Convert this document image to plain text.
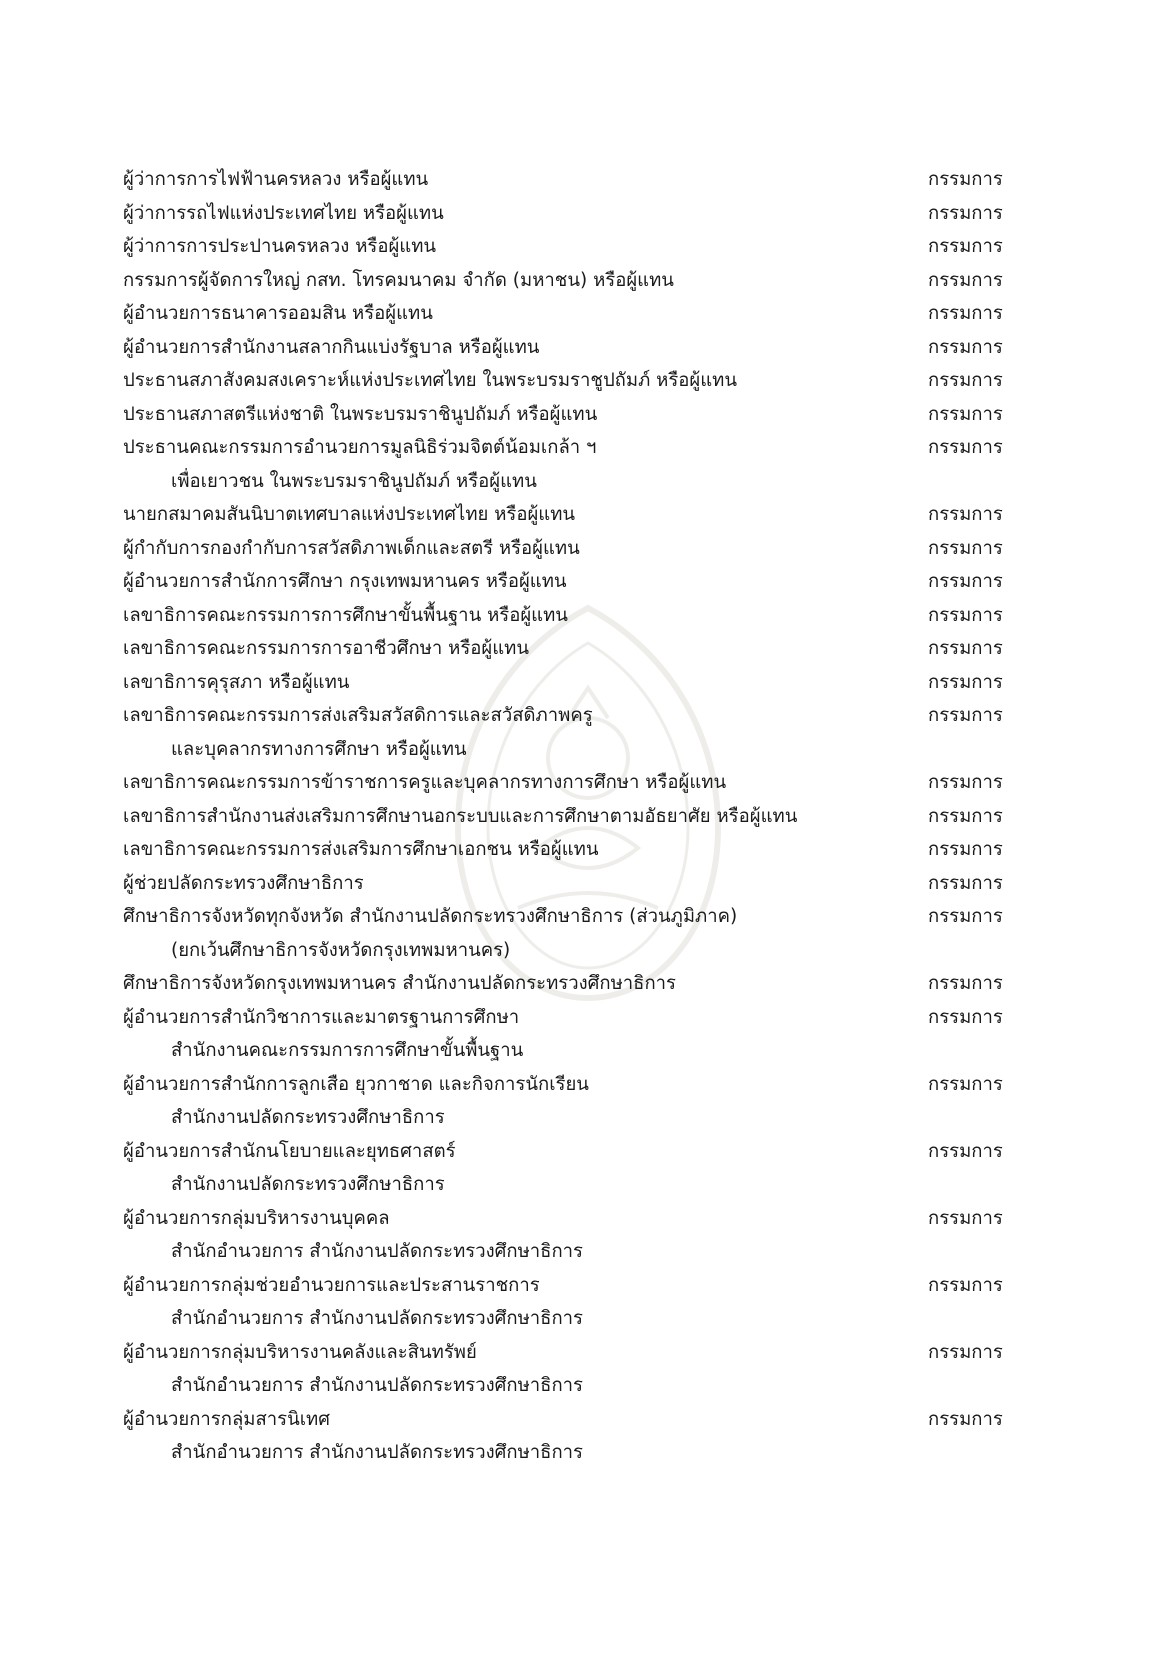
ผู้ว่าการการไฟฟ้านครหลวง หรือผู้แทน	กรรมการ
ผู้ว่าการรถไฟแห่งประเทศไทย หรือผู้แทน	กรรมการ
ผู้ว่าการการประปานครหลวง หรือผู้แทน	กรรมการ
กรรมการผู้จัดการใหญ่ กสท. โทรคมนาคม จำกัด (มหาชน) หรือผู้แทน	กรรมการ
ผู้อำนวยการธนาคารออมสิน หรือผู้แทน	กรรมการ
ผู้อำนวยการสำนักงานสลากกินแบ่งรัฐบาล หรือผู้แทน	กรรมการ
ประธานสภาสังคมสงเคราะห์แห่งประเทศไทย ในพระบรมราชูปถัมภ์ หรือผู้แทน	กรรมการ
ประธานสภาสตรีแห่งชาติ ในพระบรมราชินูปถัมภ์ หรือผู้แทน	กรรมการ
ประธานคณะกรรมการอำนวยการมูลนิธิร่วมจิตต์น้อมเกล้า ฯ	กรรมการ
เพื่อเยาวชน ในพระบรมราชินูปถัมภ์ หรือผู้แทน
นายกสมาคมสันนิบาตเทศบาลแห่งประเทศไทย หรือผู้แทน	กรรมการ
ผู้กำกับการกองกำกับการสวัสดิภาพเด็กและสตรี หรือผู้แทน	กรรมการ
ผู้อำนวยการสำนักการศึกษา กรุงเทพมหานคร หรือผู้แทน	กรรมการ
เลขาธิการคณะกรรมการการศึกษาขั้นพื้นฐาน หรือผู้แทน	กรรมการ
เลขาธิการคณะกรรมการการอาชีวศึกษา หรือผู้แทน	กรรมการ
เลขาธิการคุรุสภา หรือผู้แทน	กรรมการ
เลขาธิการคณะกรรมการส่งเสริมสวัสดิการและสวัสดิภาพครู	กรรมการ
และบุคลากรทางการศึกษา หรือผู้แทน
เลขาธิการคณะกรรมการข้าราชการครูและบุคลากรทางการศึกษา หรือผู้แทน	กรรมการ
เลขาธิการสำนักงานส่งเสริมการศึกษานอกระบบและการศึกษาตามอัธยาศัย หรือผู้แทน	กรรมการ
เลขาธิการคณะกรรมการส่งเสริมการศึกษาเอกชน หรือผู้แทน	กรรมการ
ผู้ช่วยปลัดกระทรวงศึกษาธิการ	กรรมการ
ศึกษาธิการจังหวัดทุกจังหวัด สำนักงานปลัดกระทรวงศึกษาธิการ (ส่วนภูมิภาค)	กรรมการ
(ยกเว้นศึกษาธิการจังหวัดกรุงเทพมหานคร)
ศึกษาธิการจังหวัดกรุงเทพมหานคร สำนักงานปลัดกระทรวงศึกษาธิการ	กรรมการ
ผู้อำนวยการสำนักวิชาการและมาตรฐานการศึกษา	กรรมการ
สำนักงานคณะกรรมการการศึกษาขั้นพื้นฐาน
ผู้อำนวยการสำนักการลูกเสือ ยุวกาชาด และกิจการนักเรียน	กรรมการ
สำนักงานปลัดกระทรวงศึกษาธิการ
ผู้อำนวยการสำนักนโยบายและยุทธศาสตร์	กรรมการ
สำนักงานปลัดกระทรวงศึกษาธิการ
ผู้อำนวยการกลุ่มบริหารงานบุคคล	กรรมการ
สำนักอำนวยการ สำนักงานปลัดกระทรวงศึกษาธิการ
ผู้อำนวยการกลุ่มช่วยอำนวยการและประสานราชการ	กรรมการ
สำนักอำนวยการ สำนักงานปลัดกระทรวงศึกษาธิการ
ผู้อำนวยการกลุ่มบริหารงานคลังและสินทรัพย์	กรรมการ
สำนักอำนวยการ สำนักงานปลัดกระทรวงศึกษาธิการ
ผู้อำนวยการกลุ่มสารนิเทศ	กรรมการ
สำนักอำนวยการ สำนักงานปลัดกระทรวงศึกษาธิการ
